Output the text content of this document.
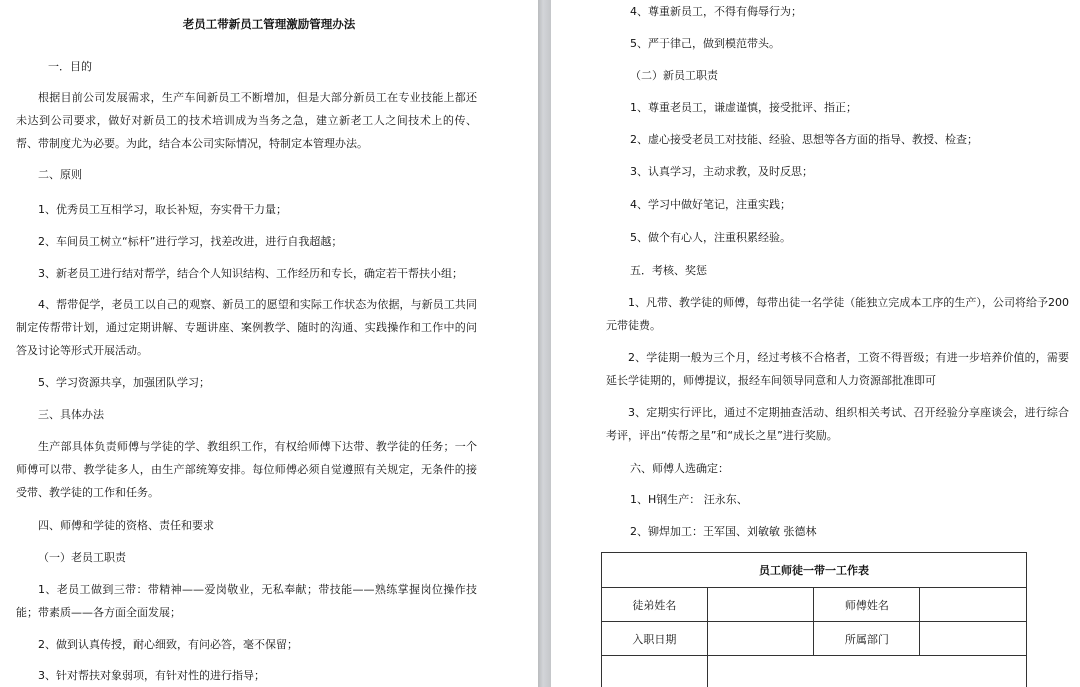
老员工带新员工管理激励管理办法
一．目的
根据目前公司发展需求，生产车间新员工不断增加，但是大部分新员工在专业技能上都还未达到公司要求，做好对新员工的技术培训成为当务之急，建立新老工人之间技术上的传、帮、带制度尤为必要。为此，结合本公司实际情况，特制定本管理办法。
二、原则
1、优秀员工互相学习，取长补短，夯实骨干力量；
2、车间员工树立“标杆”进行学习，找差改进，进行自我超越；
3、新老员工进行结对帮学，结合个人知识结构、工作经历和专长，确定若干帮扶小组；
4、帮带促学，老员工以自己的观察、新员工的愿望和实际工作状态为依据，与新员工共同制定传帮带计划，通过定期讲解、专题讲座、案例教学、随时的沟通、实践操作和工作中的问答及讨论等形式开展活动。
5、学习资源共享，加强团队学习；
三、具体办法
生产部具体负责师傅与学徒的学、教组织工作，有权给师傅下达带、教学徒的任务；一个师傅可以带、教学徒多人，由生产部统筹安排。每位师傅必须自觉遵照有关规定，无条件的接受带、教学徒的工作和任务。
四、师傅和学徒的资格、责任和要求
（一）老员工职责
1、老员工做到三带：带精神——爱岗敬业，无私奉献；带技能——熟练掌握岗位操作技能；带素质——各方面全面发展；
2、做到认真传授，耐心细致，有问必答，毫不保留；
3、针对帮扶对象弱项，有针对性的进行指导；
4、尊重新员工，不得有侮辱行为；
5、严于律己，做到模范带头。
（二）新员工职责
1、尊重老员工，谦虚谨慎，接受批评、指正；
2、虚心接受老员工对技能、经验、思想等各方面的指导、教授、检查；
3、认真学习，主动求教，及时反思；
4、学习中做好笔记，注重实践；
5、做个有心人，注重积累经验。
五．考核、奖惩
1、凡带、教学徒的师傅，每带出徒一名学徒（能独立完成本工序的生产），公司将给予200元带徒费。
2、学徒期一般为三个月，经过考核不合格者，工资不得晋级；有进一步培养价值的，需要延长学徒期的，师傅提议，报经车间领导同意和人力资源部批准即可
3、定期实行评比，通过不定期抽查活动、组织相关考试、召开经验分享座谈会，进行综合考评，评出“传帮之星”和“成长之星”进行奖励。
六、师傅人选确定：
1、H钢生产： 汪永东、
2、铆焊加工：王军国、刘敏敏 张德林
员工师徒一带一工作表			
徒弟姓名		师傅姓名	
入职日期		所属部门	
